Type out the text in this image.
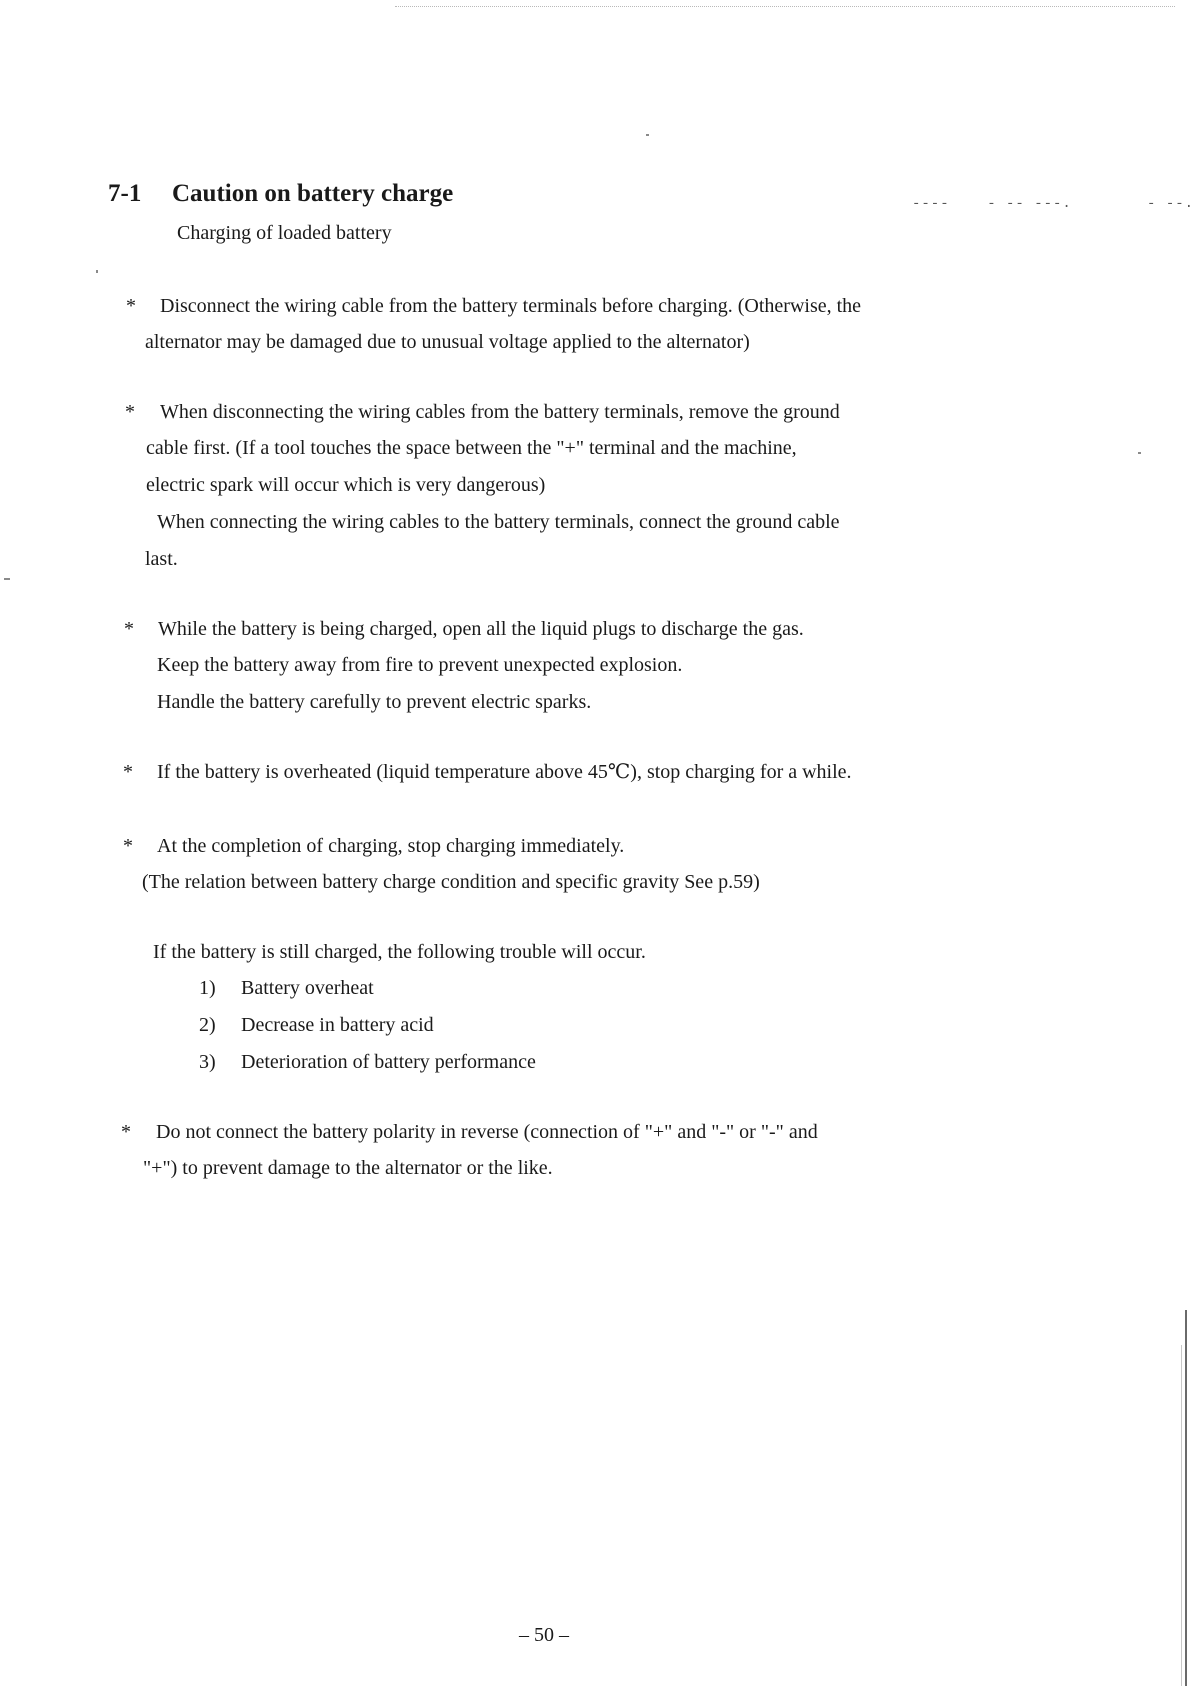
----    - -- ---.        - --.
7-1 Caution on battery charge
Charging of loaded battery
* Disconnect the wiring cable from the battery terminals before charging. (Otherwise, the
alternator may be damaged due to unusual voltage applied to the alternator)
* When disconnecting the wiring cables from the battery terminals, remove the ground
cable first. (If a tool touches the space between the "+" terminal and the machine,
electric spark will occur which is very dangerous)
When connecting the wiring cables to the battery terminals, connect the ground cable
last.
* While the battery is being charged, open all the liquid plugs to discharge the gas.
Keep the battery away from fire to prevent unexpected explosion.
Handle the battery carefully to prevent electric sparks.
* If the battery is overheated (liquid temperature above 45℃), stop charging for a while.
* At the completion of charging, stop charging immediately.
(The relation between battery charge condition and specific gravity See p.59)
If the battery is still charged, the following trouble will occur.
1) Battery overheat
2) Decrease in battery acid
3) Deterioration of battery performance
* Do not connect the battery polarity in reverse (connection of "+" and "-" or "-" and
"+") to prevent damage to the alternator or the like.
– 50 –
